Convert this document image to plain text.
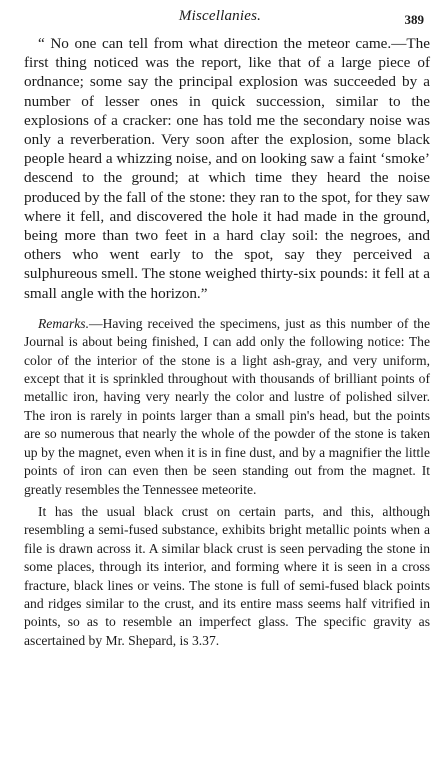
Miscellanies.	389

“ No one can tell from what direction the meteor came.—The first thing noticed was the report, like that of a large piece of ordnance; some say the principal explosion was succeeded by a number of lesser ones in quick succession, similar to the explosions of a cracker: one has told me the secondary noise was only a reverberation. Very soon after the explosion, some black people heard a whizzing noise, and on looking saw a faint ‘smoke’ descend to the ground; at which time they heard the noise produced by the fall of the stone: they ran to the spot, for they saw where it fell, and discovered the hole it had made in the ground, being more than two feet in a hard clay soil: the negroes, and others who went early to the spot, say they perceived a sulphureous smell. The stone weighed thirty-six pounds: it fell at a small angle with the horizon.”

Remarks.—Having received the specimens, just as this number of the Journal is about being finished, I can add only the following notice: The color of the interior of the stone is a light ash-gray, and very uniform, except that it is sprinkled throughout with thousands of brilliant points of metallic iron, having very nearly the color and lustre of polished silver. The iron is rarely in points larger than a small pin's head, but the points are so numerous that nearly the whole of the powder of the stone is taken up by the magnet, even when it is in fine dust, and by a magnifier the little points of iron can even then be seen standing out from the magnet. It greatly resembles the Tennessee meteorite.

It has the usual black crust on certain parts, and this, although resembling a semi-fused substance, exhibits bright metallic points when a file is drawn across it. A similar black crust is seen pervading the stone in some places, through its interior, and forming where it is seen in a cross fracture, black lines or veins. The stone is full of semi-fused black points and ridges similar to the crust, and its entire mass seems half vitrified in points, so as to resemble an imperfect glass. The specific gravity as ascertained by Mr. Shepard, is 3.37.
